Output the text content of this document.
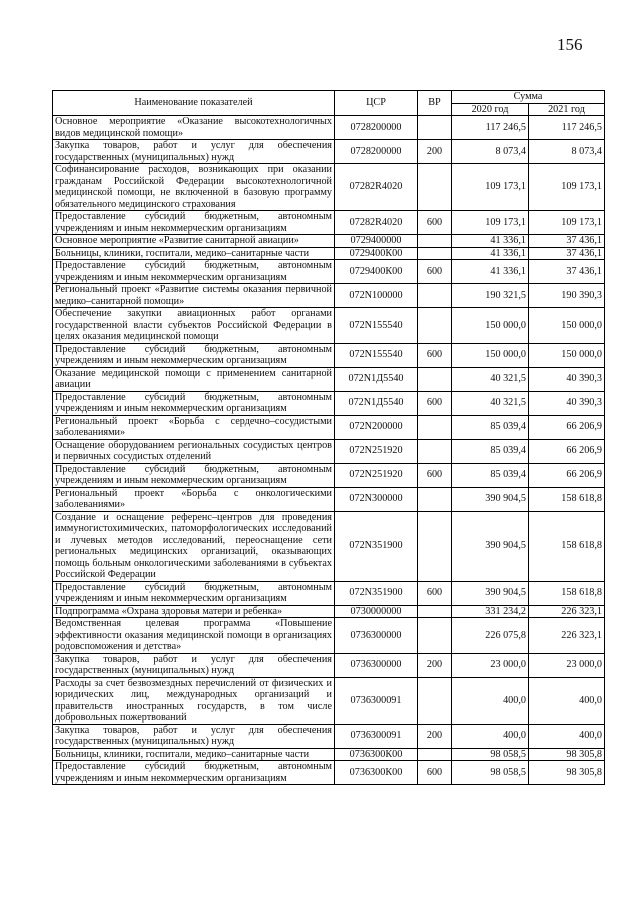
156
Наименование показателей	ЦСР	ВР	Сумма	
			2020 год	2021 год
Основное мероприятие «Оказание высокотехнологичных видов медицинской помощи»	0728200000		117 246,5	117 246,5
Закупка товаров, работ и услуг для обеспечения государственных (муниципальных) нужд	0728200000	200	8 073,4	8 073,4
Софинансирование расходов, возникающих при оказании гражданам Российской Федерации высокотехнологичной медицинской помощи, не включенной в базовую программу обязательного медицинского страхования	07282R4020		109 173,1	109 173,1
Предоставление субсидий бюджетным, автономным учреждениям и иным некоммерческим организациям	07282R4020	600	109 173,1	109 173,1
Основное мероприятие «Развитие санитарной авиации»	0729400000		41 336,1	37 436,1
Больницы, клиники, госпитали, медико–санитарные части	0729400К00		41 336,1	37 436,1
Предоставление субсидий бюджетным, автономным учреждениям и иным некоммерческим организациям	0729400К00	600	41 336,1	37 436,1
Региональный проект «Развитие системы оказания первичной медико–санитарной помощи»	072N100000		190 321,5	190 390,3
Обеспечение закупки авиационных работ органами государственной власти субъектов Российской Федерации в целях оказания медицинской помощи	072N155540		150 000,0	150 000,0
Предоставление субсидий бюджетным, автономным учреждениям и иным некоммерческим организациям	072N155540	600	150 000,0	150 000,0
Оказание медицинской помощи с применением санитарной авиации	072N1Д5540		40 321,5	40 390,3
Предоставление субсидий бюджетным, автономным учреждениям и иным некоммерческим организациям	072N1Д5540	600	40 321,5	40 390,3
Региональный проект «Борьба с сердечно–сосудистыми заболеваниями»	072N200000		85 039,4	66 206,9
Оснащение оборудованием региональных сосудистых центров и первичных сосудистых отделений	072N251920		85 039,4	66 206,9
Предоставление субсидий бюджетным, автономным учреждениям и иным некоммерческим организациям	072N251920	600	85 039,4	66 206,9
Региональный проект «Борьба с онкологическими заболеваниями»	072N300000		390 904,5	158 618,8
Создание и оснащение референс–центров для проведения иммуногистохимических, патоморфологических исследований и лучевых методов исследований, переоснащение сети региональных медицинских организаций, оказывающих помощь больным онкологическими заболеваниями в субъектах Российской Федерации	072N351900		390 904,5	158 618,8
Предоставление субсидий бюджетным, автономным учреждениям и иным некоммерческим организациям	072N351900	600	390 904,5	158 618,8
Подпрограмма «Охрана здоровья матери и ребенка»	0730000000		331 234,2	226 323,1
Ведомственная целевая программа «Повышение эффективности оказания медицинской помощи в организациях родовспоможения и детства»	0736300000		226 075,8	226 323,1
Закупка товаров, работ и услуг для обеспечения государственных (муниципальных) нужд	0736300000	200	23 000,0	23 000,0
Расходы за счет безвозмездных перечислений от физических и юридических лиц, международных организаций и правительств иностранных государств, в том числе добровольных пожертвований	0736300091		400,0	400,0
Закупка товаров, работ и услуг для обеспечения государственных (муниципальных) нужд	0736300091	200	400,0	400,0
Больницы, клиники, госпитали, медико–санитарные части	0736300К00		98 058,5	98 305,8
Предоставление субсидий бюджетным, автономным учреждениям и иным некоммерческим организациям	0736300К00	600	98 058,5	98 305,8
